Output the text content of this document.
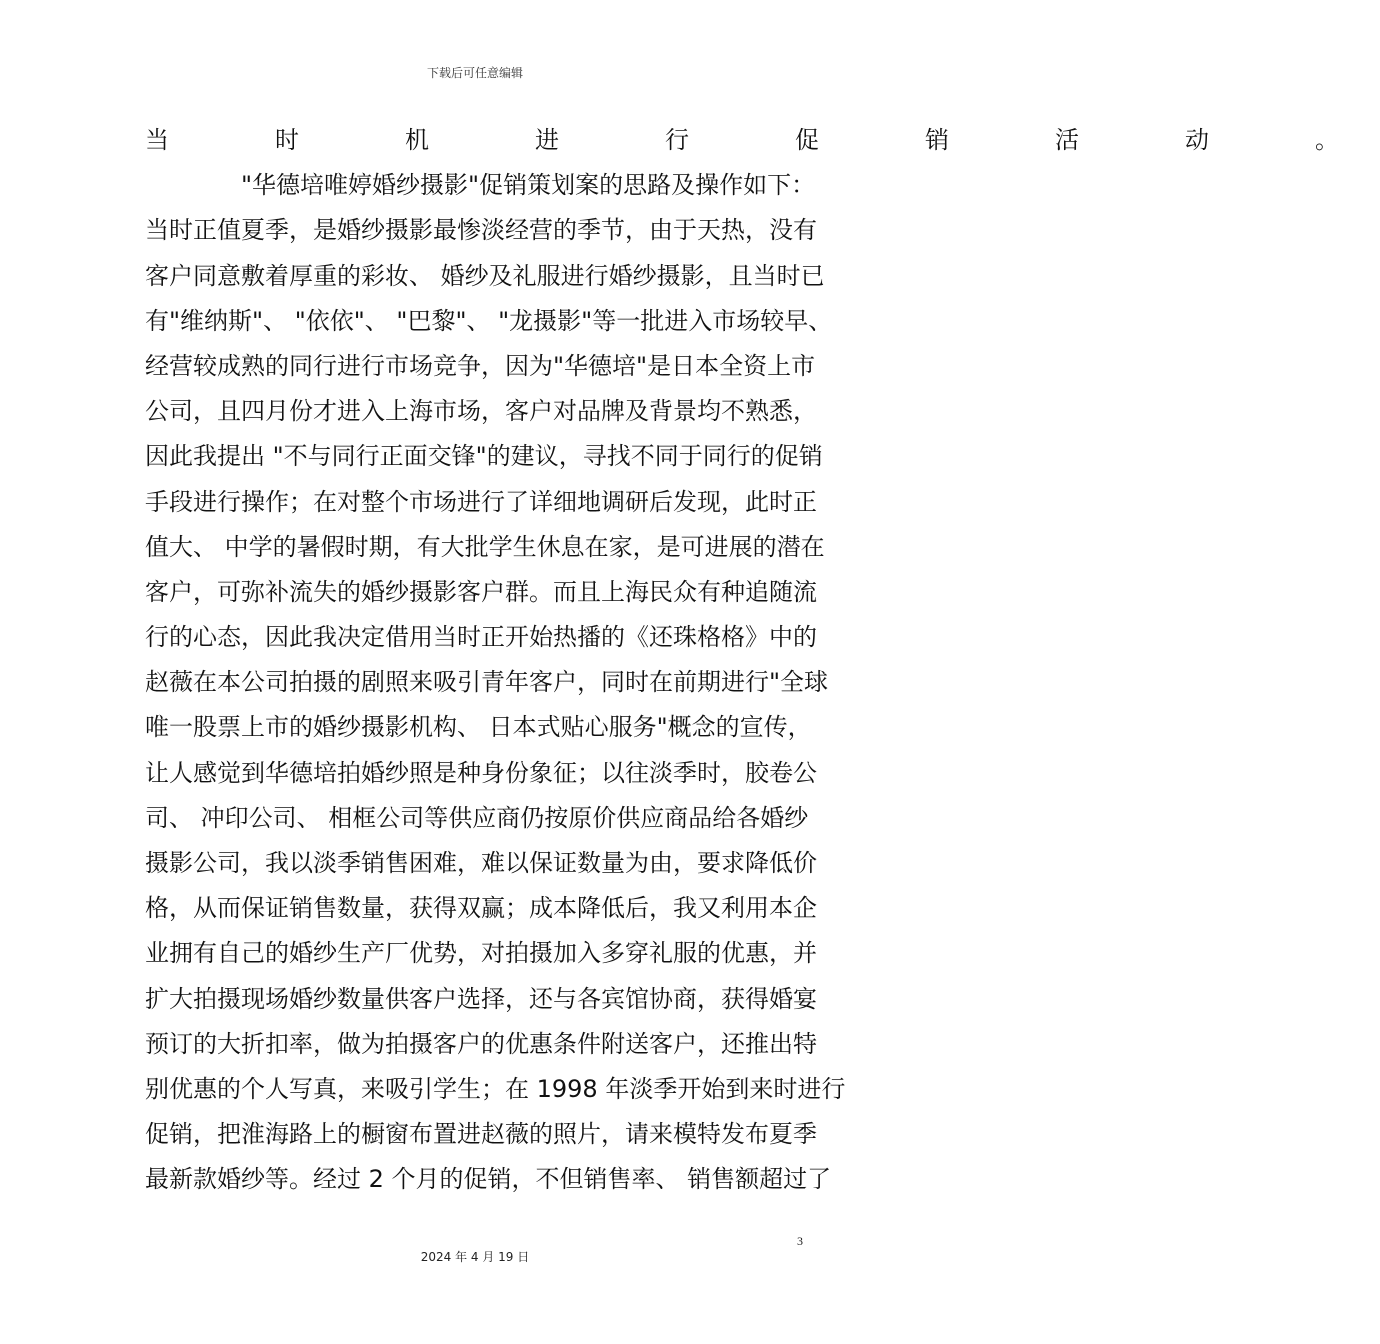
下载后可任意编辑
当　时　机　进　行　促　销　活　动　。
"华德培唯婷婚纱摄影"促销策划案的思路及操作如下：
当时正值夏季，是婚纱摄影最惨淡经营的季节，由于天热，没有
客户同意敷着厚重的彩妆、 婚纱及礼服进行婚纱摄影，且当时已
有"维纳斯"、 "依依"、 "巴黎"、 "龙摄影"等一批进入市场较早、
经营较成熟的同行进行市场竞争，因为"华德培"是日本全资上市
公司，且四月份才进入上海市场，客户对品牌及背景均不熟悉，
因此我提出 "不与同行正面交锋"的建议，寻找不同于同行的促销
手段进行操作；在对整个市场进行了详细地调研后发现，此时正
值大、 中学的暑假时期，有大批学生休息在家，是可进展的潜在
客户，可弥补流失的婚纱摄影客户群。而且上海民众有种追随流
行的心态，因此我决定借用当时正开始热播的《还珠格格》中的
赵薇在本公司拍摄的剧照来吸引青年客户，同时在前期进行"全球
唯一股票上市的婚纱摄影机构、 日本式贴心服务"概念的宣传，
让人感觉到华德培拍婚纱照是种身份象征；以往淡季时，胶卷公
司、 冲印公司、 相框公司等供应商仍按原价供应商品给各婚纱
摄影公司，我以淡季销售困难，难以保证数量为由，要求降低价
格，从而保证销售数量，获得双赢；成本降低后，我又利用本企
业拥有自己的婚纱生产厂优势，对拍摄加入多穿礼服的优惠，并
扩大拍摄现场婚纱数量供客户选择，还与各宾馆协商，获得婚宴
预订的大折扣率，做为拍摄客户的优惠条件附送客户，还推出特
别优惠的个人写真，来吸引学生；在 1998 年淡季开始到来时进行
促销，把淮海路上的橱窗布置进赵薇的照片，请来模特发布夏季
最新款婚纱等。经过 2 个月的促销，不但销售率、 销售额超过了
3
2024 年 4 月 19 日
